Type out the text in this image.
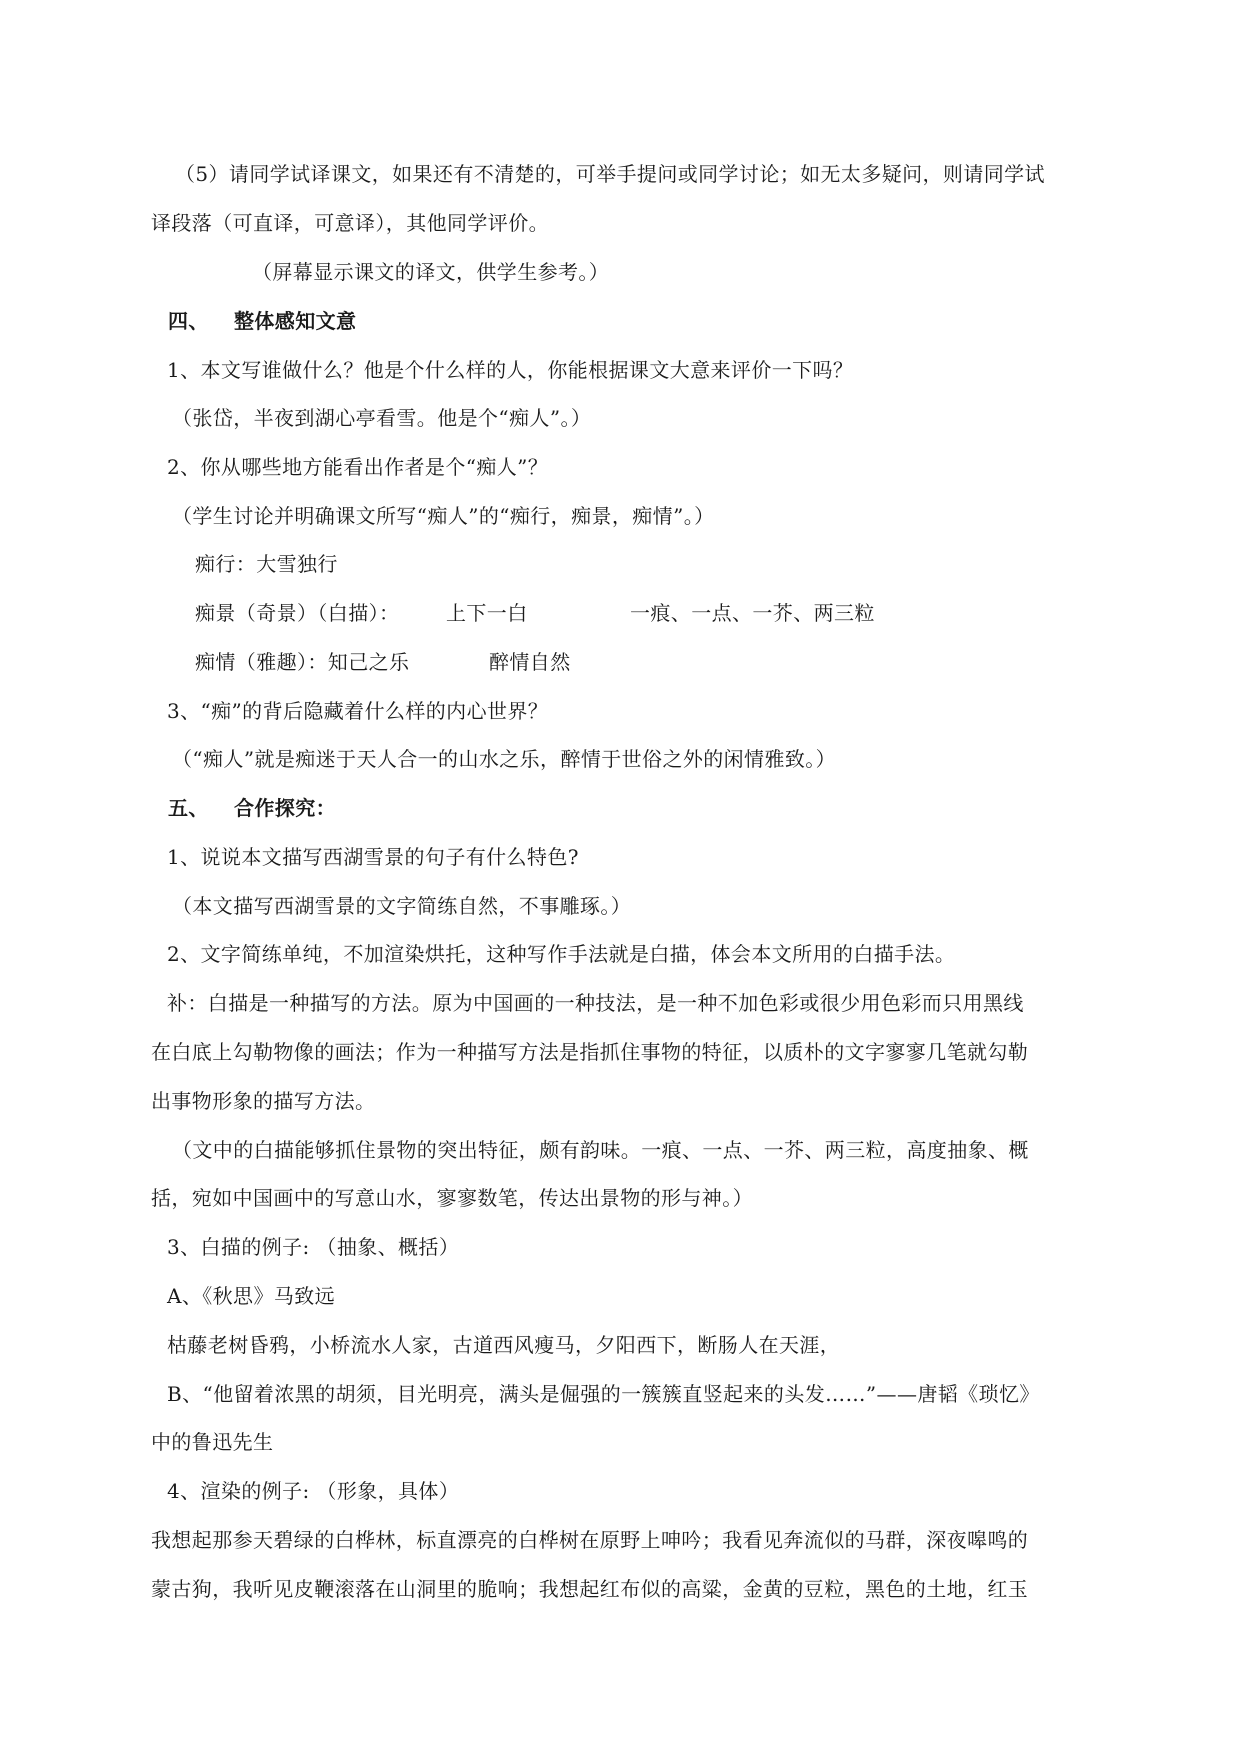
（5）请同学试译课文，如果还有不清楚的，可举手提问或同学讨论；如无太多疑问，则请同学试
译段落（可直译，可意译），其他同学评价。
（屏幕显示课文的译文，供学生参考。）
四、 整体感知文意
1、本文写谁做什么？他是个什么样的人，你能根据课文大意来评价一下吗？
（张岱，半夜到湖心亭看雪。他是个“痴人”。）
2、你从哪些地方能看出作者是个“痴人”？
（学生讨论并明确课文所写“痴人”的“痴行，痴景，痴情”。）
痴行：大雪独行
痴景（奇景）（白描）： 上下一白	一痕、一点、一芥、两三粒
痴情（雅趣）：知己之乐	醉情自然
3、“痴”的背后隐藏着什么样的内心世界？
（“痴人”就是痴迷于天人合一的山水之乐，醉情于世俗之外的闲情雅致。）
五、 合作探究：
1、说说本文描写西湖雪景的句子有什么特色?
（本文描写西湖雪景的文字简练自然，不事雕琢。）
2、文字简练单纯，不加渲染烘托，这种写作手法就是白描，体会本文所用的白描手法。
补：白描是一种描写的方法。原为中国画的一种技法，是一种不加色彩或很少用色彩而只用黑线
在白底上勾勒物像的画法；作为一种描写方法是指抓住事物的特征，以质朴的文字寥寥几笔就勾勒
出事物形象的描写方法。
（文中的白描能够抓住景物的突出特征，颇有韵味。一痕、一点、一芥、两三粒，高度抽象、概
括，宛如中国画中的写意山水，寥寥数笔，传达出景物的形与神。）
3、白描的例子: （抽象、概括）
A、《秋思》马致远
枯藤老树昏鸦，小桥流水人家，古道西风瘦马，夕阳西下，断肠人在天涯，
B、“他留着浓黑的胡须，目光明亮，满头是倔强的一簇簇直竖起来的头发……”——唐韬《琐忆》
中的鲁迅先生
4、渲染的例子: （形象，具体）
我想起那参天碧绿的白桦林，标直漂亮的白桦树在原野上呻吟；我看见奔流似的马群，深夜嗥鸣的
蒙古狗，我听见皮鞭滚落在山洞里的脆响；我想起红布似的高粱，金黄的豆粒，黑色的土地，红玉
